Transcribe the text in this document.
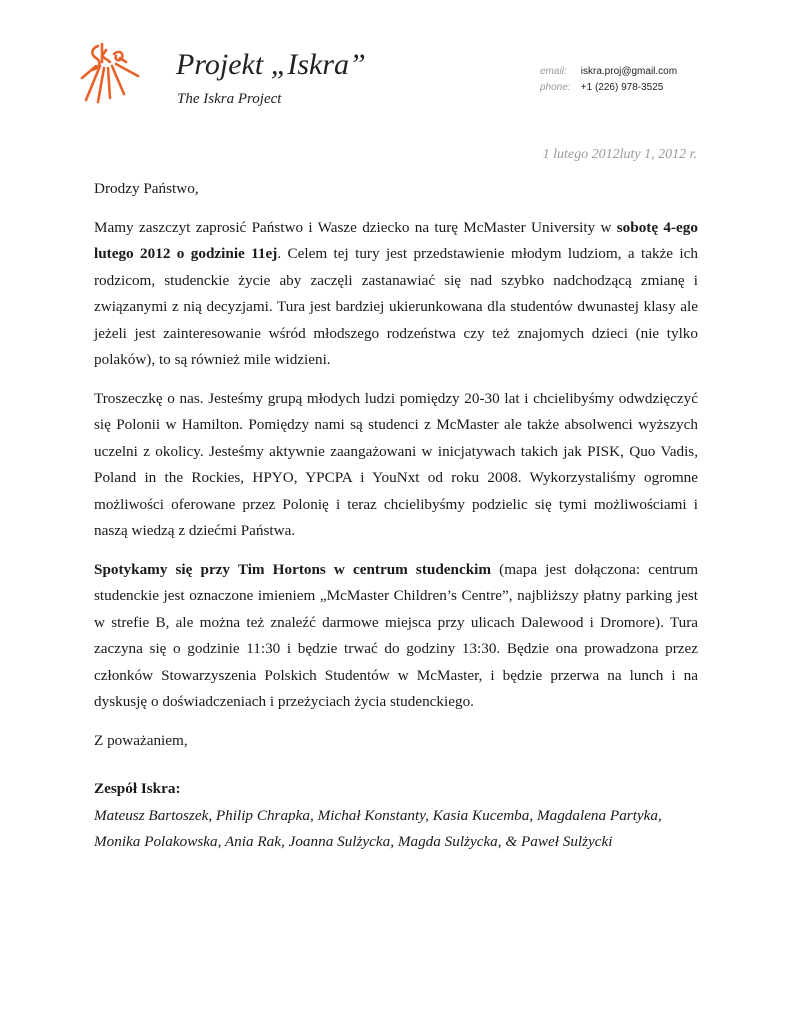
Projekt „Iskra”
The Iskra Project
email: iskra.proj@gmail.com
phone: +1 (226) 978-3525
1 lutego 2012luty 1, 2012 r.

Drodzy Państwo,

Mamy zaszczyt zaprosić Państwo i Wasze dziecko na turę McMaster University w sobotę 4-ego lutego 2012 o godzinie 11ej. Celem tej tury jest przedstawienie młodym ludziom, a także ich rodzicom, studenckie życie aby zaczęli zastanawiać się nad szybko nadchodzącą zmianę i związanymi z nią decyzjami. Tura jest bardziej ukierunkowana dla studentów dwunastej klasy ale jeżeli jest zainteresowanie wśród młodszego rodzeństwa czy też znajomych dzieci (nie tylko polaków), to są również mile widzieni.

Troszeczkę o nas. Jesteśmy grupą młodych ludzi pomiędzy 20-30 lat i chcielibyśmy odwdzięczyć się Polonii w Hamilton. Pomiędzy nami są studenci z McMaster ale także absolwenci wyższych uczelni z okolicy. Jesteśmy aktywnie zaangażowani w inicjatywach takich jak PISK, Quo Vadis, Poland in the Rockies, HPYO, YPCPA i YouNxt od roku 2008. Wykorzystaliśmy ogromne możliwości oferowane przez Polonię i teraz chcielibyśmy podzielic się tymi możliwościami i naszą wiedzą z dziećmi Państwa.

Spotykamy się przy Tim Hortons w centrum studenckim (mapa jest dołączona: centrum studenckie jest oznaczone imieniem „McMaster Children’s Centre”, najbliższy płatny parking jest w strefie B, ale można też znaleźć darmowe miejsca przy ulicach Dalewood i Dromore). Tura zaczyna się o godzinie 11:30 i będzie trwać do godziny 13:30. Będzie ona prowadzona przez członków Stowarzyszenia Polskich Studentów w McMaster, i będzie przerwa na lunch i na dyskusję o doświadczeniach i przeżyciach życia studenckiego.

Z poważaniem,

Zespół Iskra:

Mateusz Bartoszek, Philip Chrapka, Michał Konstanty, Kasia Kucemba, Magdalena Partyka, Monika Polakowska, Ania Rak, Joanna Sulżycka, Magda Sulżycka, & Paweł Sulżycki
